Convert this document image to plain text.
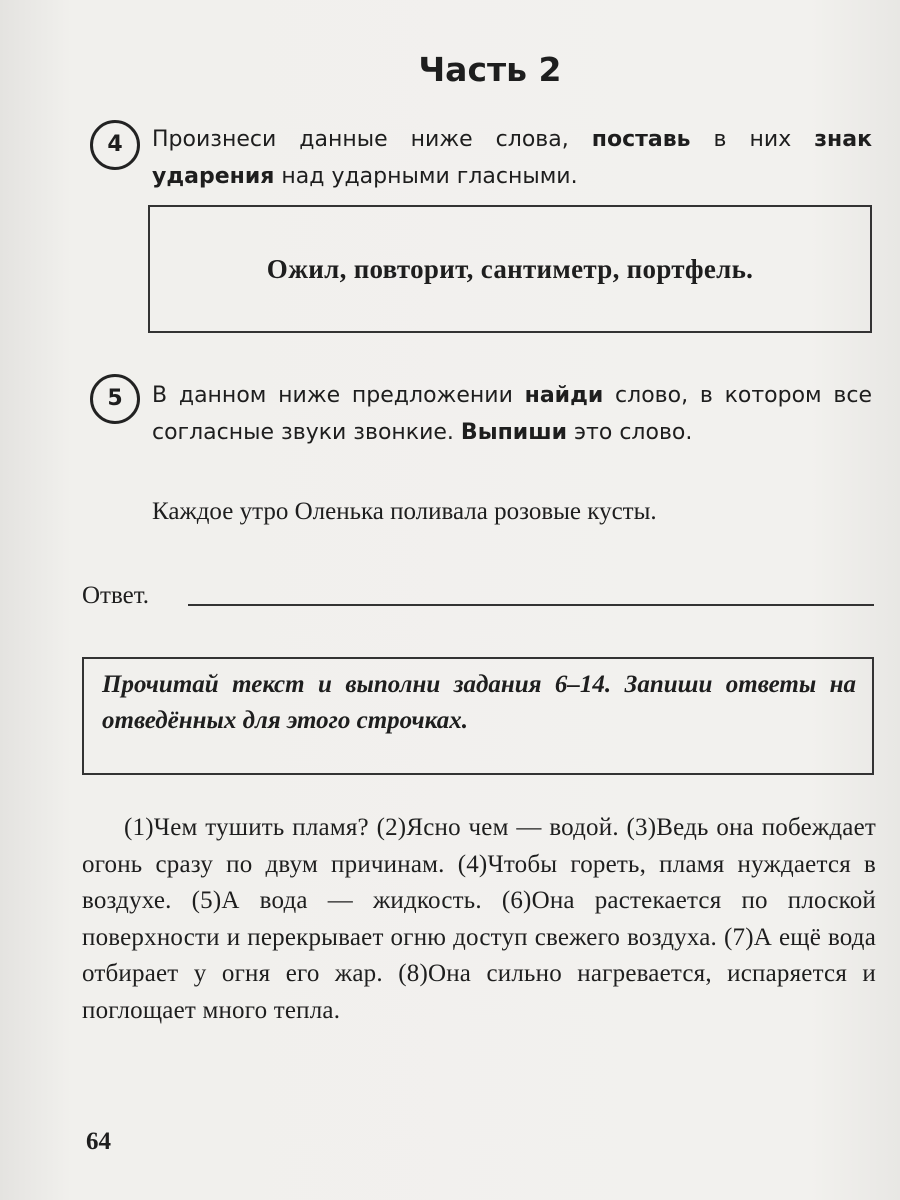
Часть 2
4	Произнеси данные ниже слова, поставь в них знак ударения над ударными гласными.
Ожил, повторит, сантиметр, портфель.
5	В данном ниже предложении найди слово, в котором все согласные звуки звонкие. Выпиши это слово.
Каждое утро Оленька поливала розовые кусты.
Ответ.
Прочитай текст и выполни задания 6–14. Запиши ответы на отведённых для этого строчках.
(1)Чем тушить пламя? (2)Ясно чем — водой. (3)Ведь она побеждает огонь сразу по двум причинам. (4)Чтобы гореть, пламя нуждается в воздухе. (5)А вода — жидкость. (6)Она растекается по плоской поверхности и перекрывает огню доступ свежего воздуха. (7)А ещё вода отбирает у огня его жар. (8)Она сильно нагревается, испаряется и поглощает много тепла.
64
